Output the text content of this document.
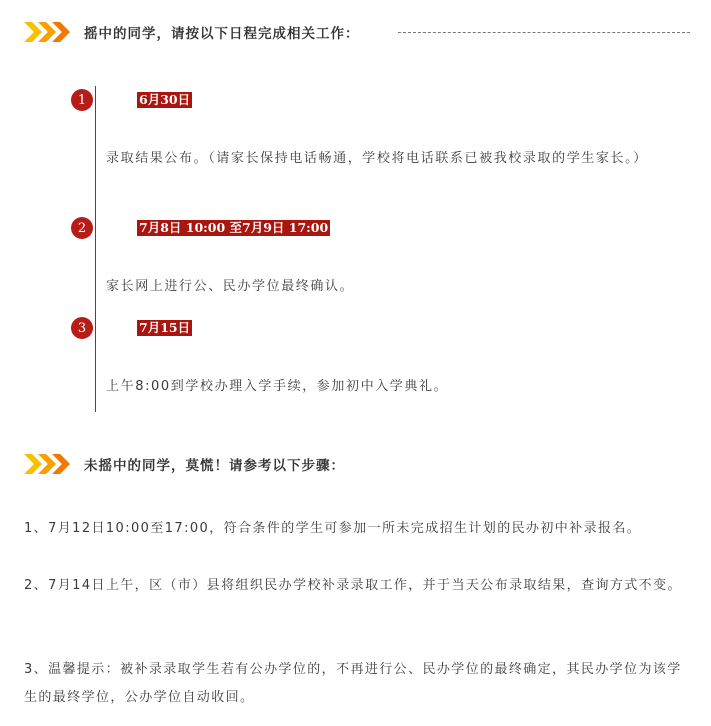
摇中的同学，请按以下日程完成相关工作：
1	6月30日
录取结果公布。（请家长保持电话畅通，学校将电话联系已被我校录取的学生家长。）
2	7月8日 10:00 至7月9日 17:00
家长网上进行公、民办学位最终确认。
3	7月15日
上午8:00到学校办理入学手续，参加初中入学典礼。
未摇中的同学，莫慌！请参考以下步骤：
1、7月12日10:00至17:00，符合条件的学生可参加一所未完成招生计划的民办初中补录报名。
2、7月14日上午，区（市）县将组织民办学校补录录取工作，并于当天公布录取结果，查询方式不变。
3、温馨提示：被补录录取学生若有公办学位的，不再进行公、民办学位的最终确定，其民办学位为该学生的最终学位，公办学位自动收回。
